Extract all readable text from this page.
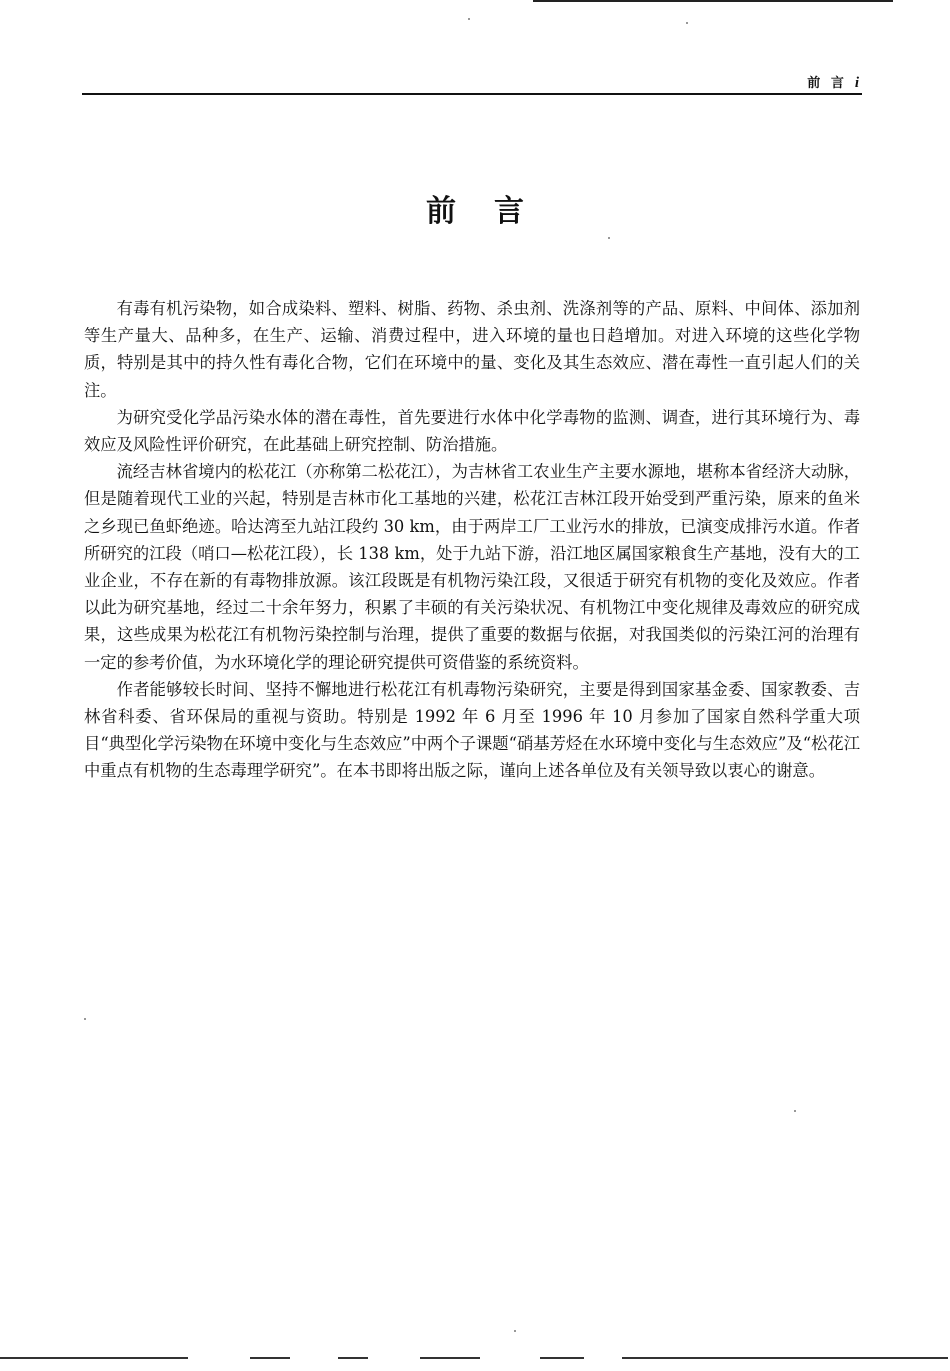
前 言 i
前言

有毒有机污染物，如合成染料、塑料、树脂、药物、杀虫剂、洗涤剂等的产品、原料、中间体、添加剂等生产量大、品种多，在生产、运输、消费过程中，进入环境的量也日趋增加。对进入环境的这些化学物质，特别是其中的持久性有毒化合物，它们在环境中的量、变化及其生态效应、潜在毒性一直引起人们的关注。

为研究受化学品污染水体的潜在毒性，首先要进行水体中化学毒物的监测、调查，进行其环境行为、毒效应及风险性评价研究，在此基础上研究控制、防治措施。

流经吉林省境内的松花江（亦称第二松花江），为吉林省工农业生产主要水源地，堪称本省经济大动脉，但是随着现代工业的兴起，特别是吉林市化工基地的兴建，松花江吉林江段开始受到严重污染，原来的鱼米之乡现已鱼虾绝迹。哈达湾至九站江段约 30 km，由于两岸工厂工业污水的排放，已演变成排污水道。作者所研究的江段（哨口—松花江段），长 138 km，处于九站下游，沿江地区属国家粮食生产基地，没有大的工业企业，不存在新的有毒物排放源。该江段既是有机物污染江段，又很适于研究有机物的变化及效应。作者以此为研究基地，经过二十余年努力，积累了丰硕的有关污染状况、有机物江中变化规律及毒效应的研究成果，这些成果为松花江有机物污染控制与治理，提供了重要的数据与依据，对我国类似的污染江河的治理有一定的参考价值，为水环境化学的理论研究提供可资借鉴的系统资料。

作者能够较长时间、坚持不懈地进行松花江有机毒物污染研究，主要是得到国家基金委、国家教委、吉林省科委、省环保局的重视与资助。特别是 1992 年 6 月至 1996 年 10 月参加了国家自然科学重大项目“典型化学污染物在环境中变化与生态效应”中两个子课题“硝基芳烃在水环境中变化与生态效应”及“松花江中重点有机物的生态毒理学研究”。在本书即将出版之际，谨向上述各单位及有关领导致以衷心的谢意。
